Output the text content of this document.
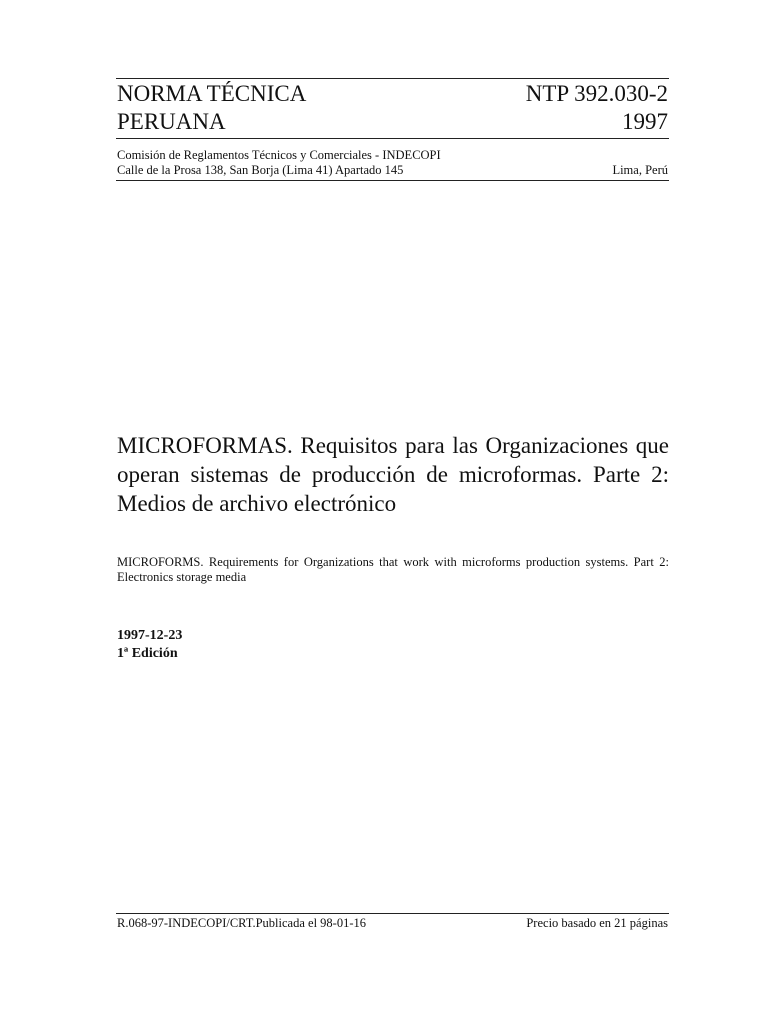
NORMA TÉCNICA
PERUANA
NTP 392.030-2
1997
Comisión de Reglamentos Técnicos y Comerciales - INDECOPI
Calle de la Prosa 138, San Borja (Lima 41) Apartado 145	Lima, Perú
MICROFORMAS. Requisitos para las Organizaciones que
operan sistemas de producción de microformas. Parte 2:
Medios de archivo electrónico
MICROFORMS. Requirements for Organizations that work with microforms production systems. Part 2:
Electronics storage media
1997-12-23
1ª Edición
R.068-97-INDECOPI/CRT.Publicada el 98-01-16	Precio basado en 21 páginas
